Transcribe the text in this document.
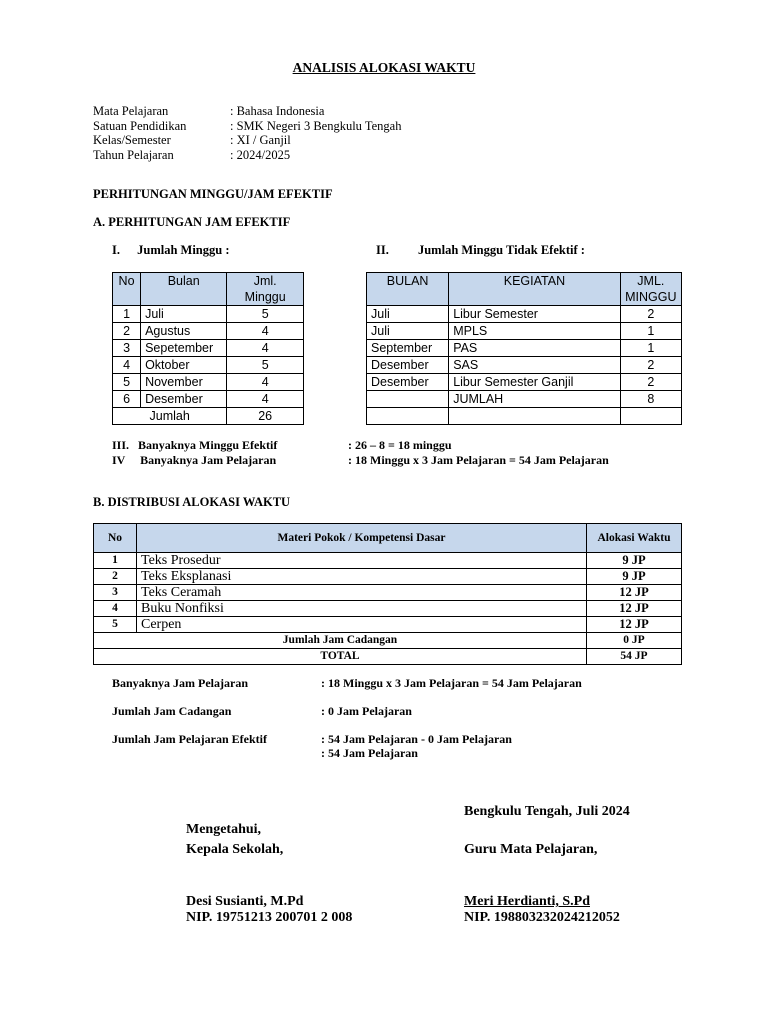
ANALISIS ALOKASI WAKTU
Mata Pelajaran	: Bahasa Indonesia
Satuan Pendidikan	: SMK Negeri 3 Bengkulu Tengah
Kelas/Semester	: XI / Ganjil
Tahun Pelajaran	: 2024/2025
PERHITUNGAN MINGGU/JAM EFEKTIF
A. PERHITUNGAN JAM EFEKTIF
I. Jumlah Minggu :	II. Jumlah Minggu Tidak Efektif :
No	Bulan	Jml. Minggu
1	Juli	5
2	Agustus	4
3	Sepetember	4
4	Oktober	5
5	November	4
6	Desember	4
Jumlah		26
BULAN	KEGIATAN	JML. MINGGU
Juli	Libur Semester	2
Juli	MPLS	1
September	PAS	1
Desember	SAS	2
Desember	Libur Semester Ganjil	2
	JUMLAH	8

III. Banyaknya Minggu Efektif	: 26 – 8 = 18 minggu
IV Banyaknya Jam Pelajaran	: 18 Minggu x 3 Jam Pelajaran = 54 Jam Pelajaran
B. DISTRIBUSI ALOKASI WAKTU
No	Materi Pokok / Kompetensi Dasar	Alokasi Waktu
1	Teks Prosedur	9 JP
2	Teks Eksplanasi	9 JP
3	Teks Ceramah	12 JP
4	Buku Nonfiksi	12 JP
5	Cerpen	12 JP
Jumlah Jam Cadangan		0 JP
TOTAL		54 JP
Banyaknya Jam Pelajaran	: 18 Minggu x 3 Jam Pelajaran = 54 Jam Pelajaran
Jumlah Jam Cadangan	: 0 Jam Pelajaran
Jumlah Jam Pelajaran Efektif	: 54 Jam Pelajaran - 0 Jam Pelajaran
: 54 Jam Pelajaran
Bengkulu Tengah, Juli 2024
Mengetahui,
Kepala Sekolah,	Guru Mata Pelajaran,
Desi Susianti, M.Pd	Meri Herdianti, S.Pd
NIP. 19751213 200701 2 008	NIP. 198803232024212052
